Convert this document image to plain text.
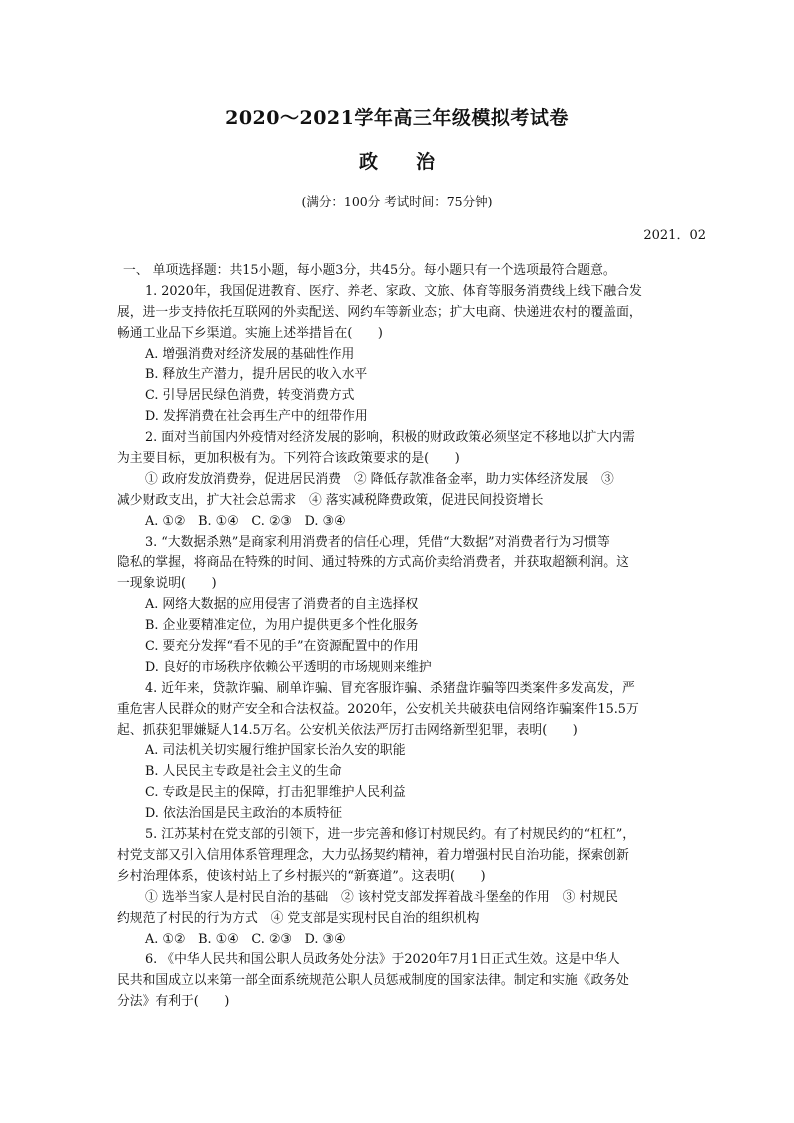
2020～2021学年高三年级模拟考试卷
政 治
(满分：100分 考试时间：75分钟)
2021．02
一、 单项选择题：共15小题，每小题3分，共45分。每小题只有一个选项最符合题意。
1. 2020年，我国促进教育、医疗、养老、家政、文旅、体育等服务消费线上线下融合发
展，进一步支持依托互联网的外卖配送、网约车等新业态；扩大电商、快递进农村的覆盖面，
畅通工业品下乡渠道。实施上述举措旨在(　　)
A. 增强消费对经济发展的基础性作用
B. 释放生产潜力，提升居民的收入水平
C. 引导居民绿色消费，转变消费方式
D. 发挥消费在社会再生产中的纽带作用
2. 面对当前国内外疫情对经济发展的影响，积极的财政政策必须坚定不移地以扩大内需
为主要目标，更加积极有为。下列符合该政策要求的是(　　)
① 政府发放消费券，促进居民消费　② 降低存款准备金率，助力实体经济发展　③
减少财政支出，扩大社会总需求　④ 落实减税降费政策，促进民间投资增长
A. ①②　B. ①④　C. ②③　D. ③④
3. “大数据杀熟”是商家利用消费者的信任心理，凭借“大数据”对消费者行为习惯等
隐私的掌握，将商品在特殊的时间、通过特殊的方式高价卖给消费者，并获取超额利润。这
一现象说明(　　)
A. 网络大数据的应用侵害了消费者的自主选择权
B. 企业要精准定位，为用户提供更多个性化服务
C. 要充分发挥“看不见的手”在资源配置中的作用
D. 良好的市场秩序依赖公平透明的市场规则来维护
4. 近年来，贷款诈骗、刷单诈骗、冒充客服诈骗、杀猪盘诈骗等四类案件多发高发，严
重危害人民群众的财产安全和合法权益。2020年，公安机关共破获电信网络诈骗案件15.5万
起、抓获犯罪嫌疑人14.5万名。公安机关依法严厉打击网络新型犯罪，表明(　　)
A. 司法机关切实履行维护国家长治久安的职能
B. 人民民主专政是社会主义的生命
C. 专政是民主的保障，打击犯罪维护人民利益
D. 依法治国是民主政治的本质特征
5. 江苏某村在党支部的引领下，进一步完善和修订村规民约。有了村规民约的“杠杠”，
村党支部又引入信用体系管理理念，大力弘扬契约精神，着力增强村民自治功能，探索创新
乡村治理体系，使该村站上了乡村振兴的“新赛道”。这表明(　　)
① 选举当家人是村民自治的基础　② 该村党支部发挥着战斗堡垒的作用　③ 村规民
约规范了村民的行为方式　④ 党支部是实现村民自治的组织机构
A. ①②　B. ①④　C. ②③　D. ③④
6. 《中华人民共和国公职人员政务处分法》于2020年7月1日正式生效。这是中华人
民共和国成立以来第一部全面系统规范公职人员惩戒制度的国家法律。制定和实施《政务处
分法》有利于(　　)
